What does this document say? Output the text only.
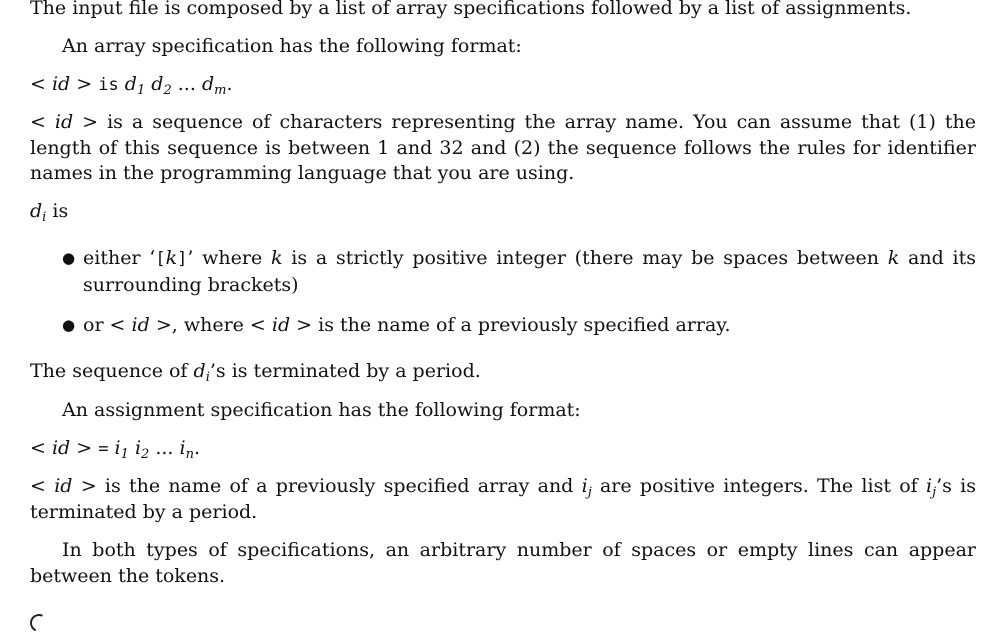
The input file is composed by a list of array specifications followed by a list of assignments.
An array specification has the following format:
< id > is $d_1$ $d_2$ ... $d_m$.
< id > is a sequence of characters representing the array name. You can assume that (1) the length of this sequence is between 1 and 32 and (2) the sequence follows the rules for identifier names in the programming language that you are using.
$d_i$ is
● either ‘[k]’ where k is a strictly positive integer (there may be spaces between k and its surrounding brackets)
● or < id >, where < id > is the name of a previously specified array.
The sequence of $d_i’s$ is terminated by a period.
An assignment specification has the following format:
< id > = $i_1$ $i_2$ ... $i_n$.
< id > is the name of a previously specified array and $i_j$ are positive integers. The list of $i_j’s$ is terminated by a period.
In both types of specifications, an arbitrary number of spaces or empty lines can appear between the tokens.
